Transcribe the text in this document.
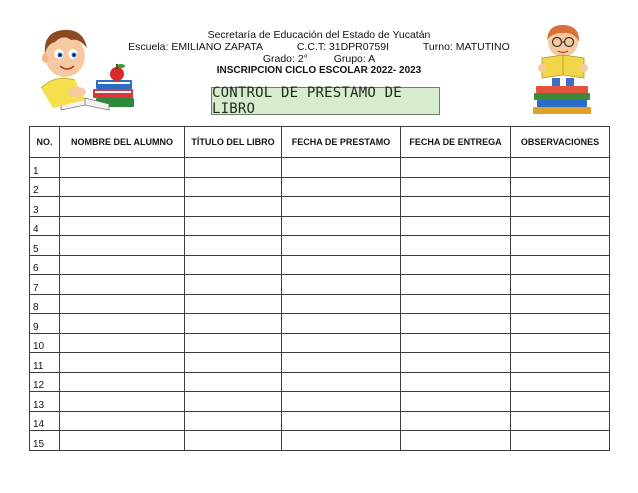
Secretaría de Educación del Estado de Yucatán
Escuela: EMILIANO ZAPATA	C.C.T: 31DPR0759I	Turno: MATUTINO
Grado: 2° Grupo: A
INSCRIPCION CICLO ESCOLAR 2022- 2023
CONTROL DE PRESTAMO DE LIBRO
NO.	NOMBRE DEL ALUMNO	TÍTULO DEL LIBRO	FECHA DE PRESTAMO	FECHA DE ENTREGA	OBSERVACIONES
1					
2					
3					
4					
5					
6					
7					
8					
9					
10					
11					
12					
13					
14					
15					
